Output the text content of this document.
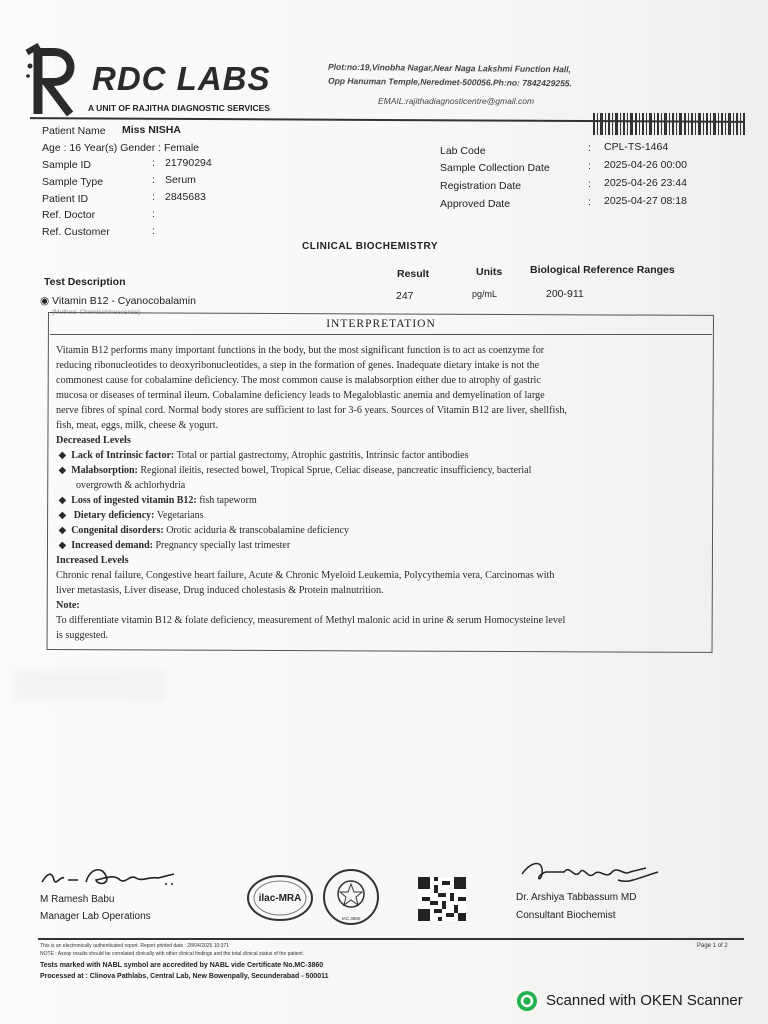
RDC LABS
A UNIT OF RAJITHA DIAGNOSTIC SERVICES
Plot:no:19,Vinobha Nagar,Near Naga Lakshmi Function Hall,
Opp Hanuman Temple,Neredmet-500056.Ph:no: 7842429255.
EMAIL:rajithadiagnosticentre@gmail.com
Patient Name Miss NISHA
Age : 16 Year(s) Gender : Female
Sample ID	: 21790294
Sample Type	: Serum
Patient ID	: 2845683
Ref. Doctor	:
Ref. Customer	:
Lab Code	: CPL-TS-1464
Sample Collection Date	: 2025-04-26 00:00
Registration Date	: 2025-04-26 23:44
Approved Date	: 2025-04-27 08:18
CLINICAL BIOCHEMISTRY
Test Description
Result	Units	Biological Reference Ranges
◉ Vitamin B12 - Cyanocobalamin
(Method: Chemiluminescence)
247	pg/mL	200-911
INTERPRETATION
Vitamin B12 performs many important functions in the body, but the most significant function is to act as coenzyme for
reducing ribonucleotides to deoxyribonucleotides, a step in the formation of genes. Inadequate dietary intake is not the
commonest cause for cobalamine deficiency. The most common cause is malabsorption either due to atrophy of gastric
mucosa or diseases of terminal ileum. Cobalamine deficiency leads to Megaloblastic anemia and demyelination of large
nerve fibres of spinal cord. Normal body stores are sufficient to last for 3-6 years. Sources of Vitamin B12 are liver, shellfish,
fish, meat, eggs, milk, cheese & yogurt.
Decreased Levels
◆  Lack of Intrinsic factor: Total or partial gastrectomy, Atrophic gastritis, Intrinsic factor antibodies
◆  Malabsorption: Regional ileitis, resected bowel, Tropical Sprue, Celiac disease, pancreatic insufficiency, bacterial
overgrowth & achlorhydria
◆  Loss of ingested vitamin B12: fish tapeworm
◆   Dietary deficiency: Vegetarians
◆  Congenital disorders: Orotic aciduria & transcobalamine deficiency
◆  Increased demand: Pregnancy specially last trimester
Increased Levels
Chronic renal failure, Congestive heart failure, Acute & Chronic Myeloid Leukemia, Polycythemia vera, Carcinomas with
liver metastasis, Liver disease, Drug induced cholestasis & Protein malnutrition.
Note:
To differentiate vitamin B12 & folate deficiency, measurement of Methyl malonic acid in urine & serum Homocysteine level
is suggested.
M Ramesh Babu
Manager Lab Operations
ilac-MRA
IAC 3860
Dr. Arshiya Tabbassum MD
Consultant Biochemist
This is an electronically authenticated report. Report printed date : 28/04/2025 10:371
NOTE : Assay results should be correlated clinically with other clinical findings and the total clinical status of the patient.
Page 1 of 2
Tests marked with NABL symbol are accredited by NABL vide Certificate No.MC-3860
Processed at : Clinova Pathlabs, Central Lab, New Bowenpally, Secunderabad - 500011
Scanned with OKEN Scanner
